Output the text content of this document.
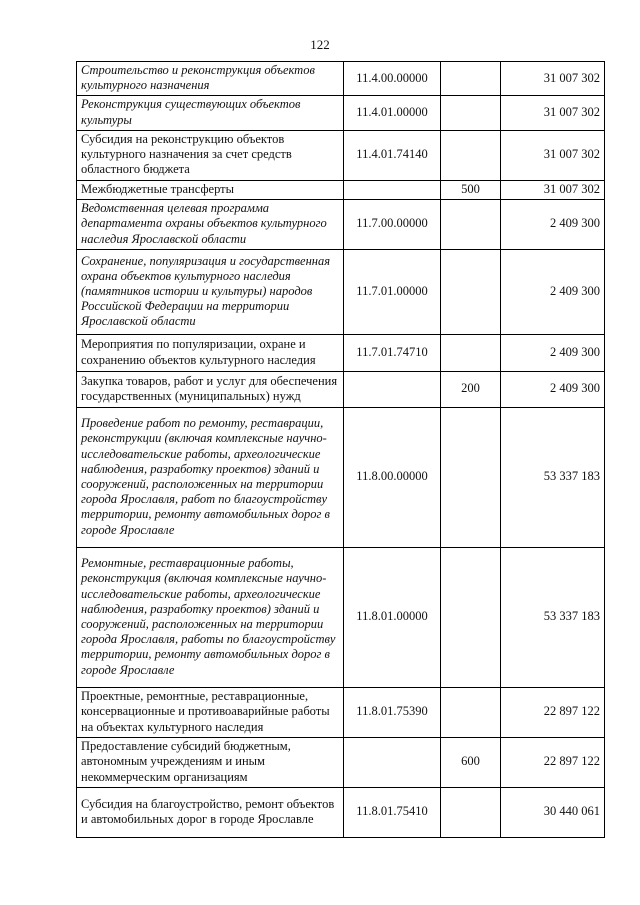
122
Строительство и реконструкция объектов культурного назначения	11.4.00.00000		31 007 302
Реконструкция существующих объектов культуры	11.4.01.00000		31 007 302
Субсидия на реконструкцию объектов культурного назначения за счет средств областного бюджета	11.4.01.74140		31 007 302
Межбюджетные трансферты		500	31 007 302
Ведомственная целевая программа департамента охраны объектов культурного наследия Ярославской области	11.7.00.00000		2 409 300
Сохранение, популяризация и государственная охрана объектов культурного наследия (памятников истории и культуры) народов Российской Федерации на территории Ярославской области	11.7.01.00000		2 409 300
Мероприятия по популяризации, охране и сохранению объектов культурного наследия	11.7.01.74710		2 409 300
Закупка товаров, работ и услуг для обеспечения государственных (муниципальных) нужд		200	2 409 300
Проведение работ по ремонту, реставрации, реконструкции (включая комплексные научно-исследовательские работы, археологические наблюдения, разработку проектов) зданий и сооружений, расположенных на территории города Ярославля, работ по благоустройству территории, ремонту автомобильных дорог в городе Ярославле	11.8.00.00000		53 337 183
Ремонтные, реставрационные работы, реконструкция (включая комплексные научно-исследовательские работы, археологические наблюдения, разработку проектов) зданий и сооружений, расположенных на территории города Ярославля, работы по благоустройству территории, ремонту автомобильных дорог в городе Ярославле	11.8.01.00000		53 337 183
Проектные, ремонтные, реставрационные, консервационные и противоаварийные работы на объектах культурного наследия	11.8.01.75390		22 897 122
Предоставление субсидий бюджетным, автономным учреждениям и иным некоммерческим организациям		600	22 897 122
Субсидия на благоустройство, ремонт объектов и автомобильных дорог в городе Ярославле	11.8.01.75410		30 440 061
